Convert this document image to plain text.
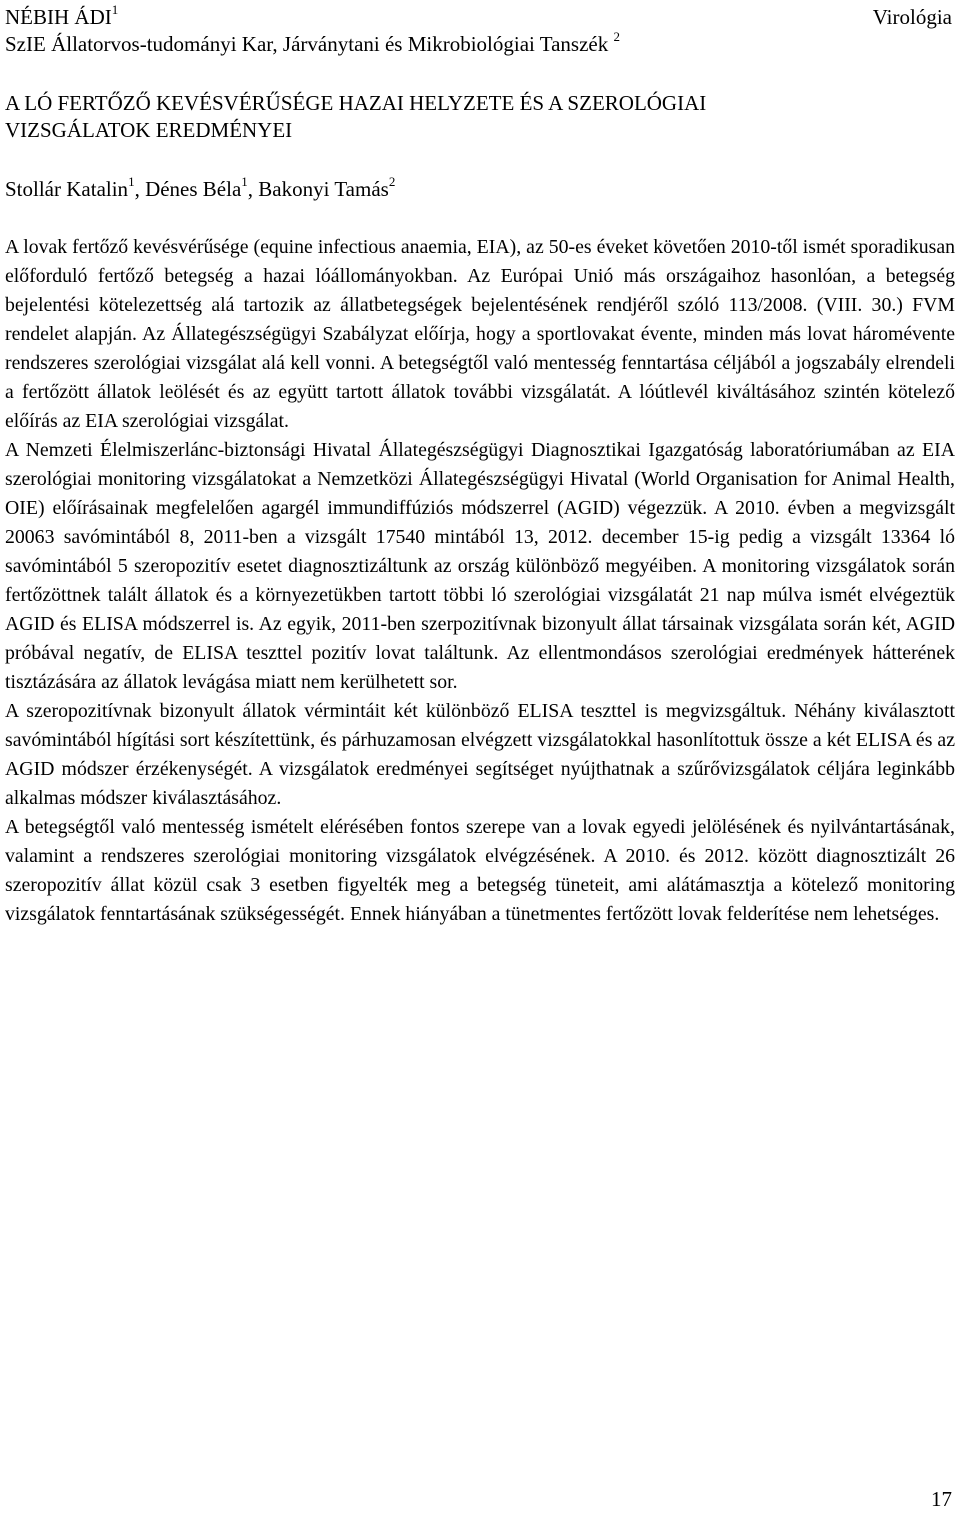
NÉBIH ÁDI$^1$
SzIE Állatorvos-tudományi Kar, Járványtani és Mikrobiológiai Tanszék $^2$
Virológia
A LÓ FERTŐZŐ KEVÉSVÉRŰSÉGE HAZAI HELYZETE ÉS A SZEROLÓGIAI
VIZSGÁLATOK EREDMÉNYEI
Stollár Katalin$^1$, Dénes Béla$^1$, Bakonyi Tamás$^2$

A lovak fertőző kevésvérűsége (equine infectious anaemia, EIA), az 50-es éveket követően 2010-től ismét sporadikusan előforduló fertőző betegség a hazai lóállományokban. Az Európai Unió más országaihoz hasonlóan, a betegség bejelentési kötelezettség alá tartozik az állatbetegségek bejelentésének rendjéről szóló 113/2008. (VIII. 30.) FVM rendelet alapján. Az Állategészségügyi Szabályzat előírja, hogy a sportlovakat évente, minden más lovat háromévente rendszeres szerológiai vizsgálat alá kell vonni. A betegségtől való mentesség fenntartása céljából a jogszabály elrendeli a fertőzött állatok leölését és az együtt tartott állatok további vizsgálatát. A lóútlevél kiváltásához szintén kötelező előírás az EIA szerológiai vizsgálat.

A Nemzeti Élelmiszerlánc-biztonsági Hivatal Állategészségügyi Diagnosztikai Igazgatóság laboratóriumában az EIA szerológiai monitoring vizsgálatokat a Nemzetközi Állategészségügyi Hivatal (World Organisation for Animal Health, OIE) előírásainak megfelelően agargél immundiffúziós módszerrel (AGID) végezzük. A 2010. évben a megvizsgált 20063 savómintából 8, 2011-ben a vizsgált 17540 mintából 13, 2012. december 15-ig pedig a vizsgált 13364 ló savómintából 5 szeropozitív esetet diagnosztizáltunk az ország különböző megyéiben. A monitoring vizsgálatok során fertőzöttnek talált állatok és a környezetükben tartott többi ló szerológiai vizsgálatát 21 nap múlva ismét elvégeztük AGID és ELISA módszerrel is. Az egyik, 2011-ben szerpozitívnak bizonyult állat társainak vizsgálata során két, AGID próbával negatív, de ELISA teszttel pozitív lovat találtunk. Az ellentmondásos szerológiai eredmények hátterének tisztázására az állatok levágása miatt nem kerülhetett sor.

A szeropozitívnak bizonyult állatok vérmintáit két különböző ELISA teszttel is megvizsgáltuk. Néhány kiválasztott savómintából hígítási sort készítettünk, és párhuzamosan elvégzett vizsgálatokkal hasonlítottuk össze a két ELISA és az AGID módszer érzékenységét. A vizsgálatok eredményei segítséget nyújthatnak a szűrővizsgálatok céljára leginkább alkalmas módszer kiválasztásához.

A betegségtől való mentesség ismételt elérésében fontos szerepe van a lovak egyedi jelölésének és nyilvántartásának, valamint a rendszeres szerológiai monitoring vizsgálatok elvégzésének. A 2010. és 2012. között diagnosztizált 26 szeropozitív állat közül csak 3 esetben figyelték meg a betegség tüneteit, ami alátámasztja a kötelező monitoring vizsgálatok fenntartásának szükségességét. Ennek hiányában a tünetmentes fertőzött lovak felderítése nem lehetséges.

17
